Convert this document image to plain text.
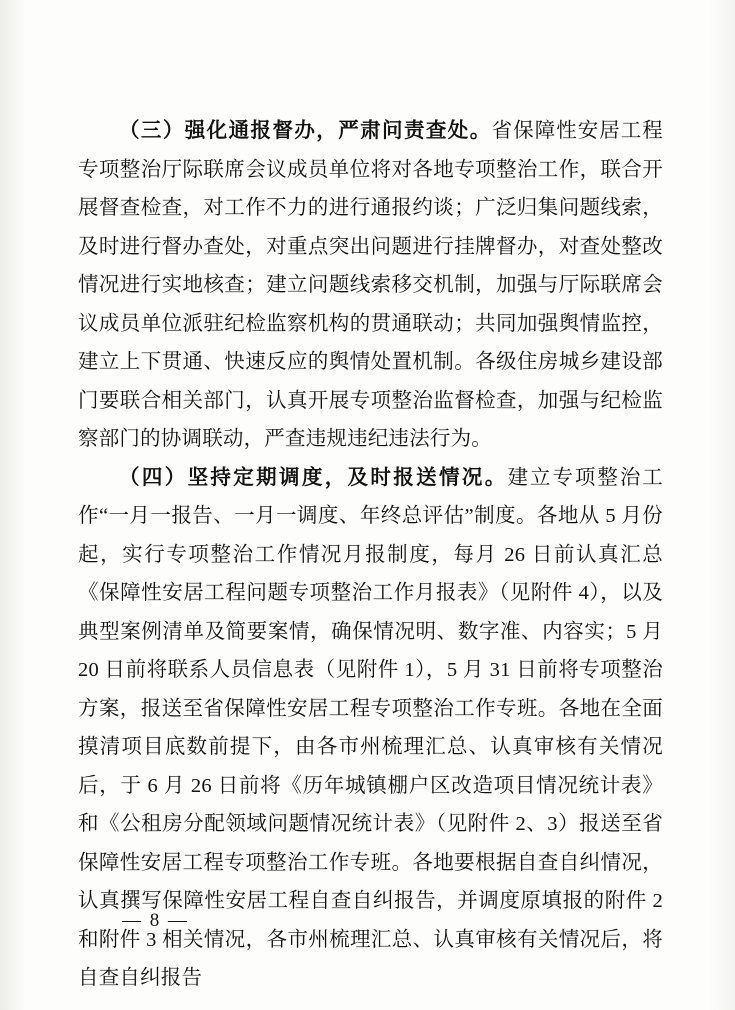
（三）强化通报督办，严肃问责查处。省保障性安居工程专项整治厅际联席会议成员单位将对各地专项整治工作，联合开展督查检查，对工作不力的进行通报约谈；广泛归集问题线索，及时进行督办查处，对重点突出问题进行挂牌督办，对查处整改情况进行实地核查；建立问题线索移交机制，加强与厅际联席会议成员单位派驻纪检监察机构的贯通联动；共同加强舆情监控，建立上下贯通、快速反应的舆情处置机制。各级住房城乡建设部门要联合相关部门，认真开展专项整治监督检查，加强与纪检监察部门的协调联动，严查违规违纪违法行为。

（四）坚持定期调度，及时报送情况。建立专项整治工作“一月一报告、一月一调度、年终总评估”制度。各地从 5 月份起，实行专项整治工作情况月报制度，每月 26 日前认真汇总《保障性安居工程问题专项整治工作月报表》（见附件 4），以及典型案例清单及简要案情，确保情况明、数字准、内容实；5 月 20 日前将联系人员信息表（见附件 1），5 月 31 日前将专项整治方案，报送至省保障性安居工程专项整治工作专班。各地在全面摸清项目底数前提下，由各市州梳理汇总、认真审核有关情况后，于 6 月 26 日前将《历年城镇棚户区改造项目情况统计表》和《公租房分配领域问题情况统计表》（见附件 2、3）报送至省保障性安居工程专项整治工作专班。各地要根据自查自纠情况，认真撰写保障性安居工程自查自纠报告，并调度原填报的附件 2 和附件 3 相关情况，各市州梳理汇总、认真审核有关情况后，将自查自纠报告

— 8 —
